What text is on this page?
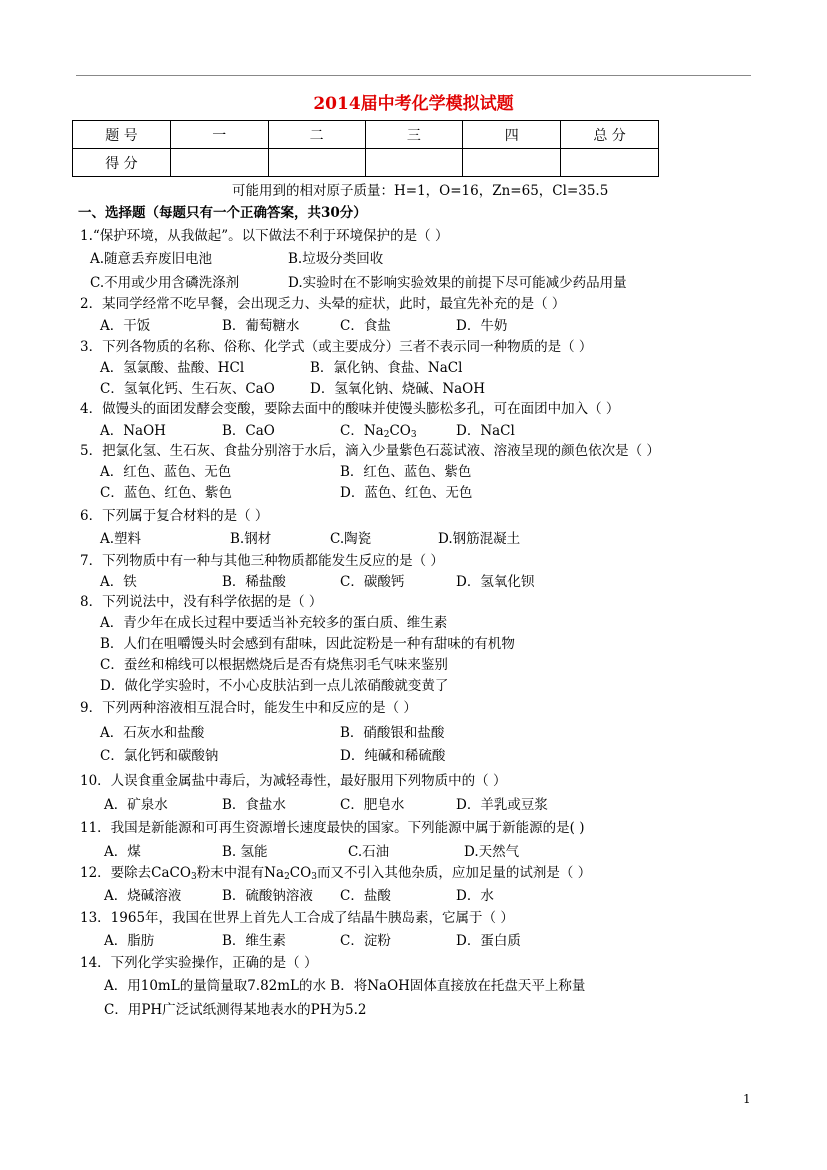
2014届中考化学模拟试题
题 号	一	二	三	四	总 分
得 分					
可能用到的相对原子质量：H=1，O=16，Zn=65，Cl=35.5
一、选择题（每题只有一个正确答案，共30分）
1.“保护环境，从我做起”。以下做法不利于环境保护的是（ ）
A.随意丢弃废旧电池	B.垃圾分类回收
C.不用或少用含磷洗涤剂	D.实验时在不影响实验效果的前提下尽可能减少药品用量
2．某同学经常不吃早餐，会出现乏力、头晕的症状，此时，最宜先补充的是（ ）
A．干饭	B．葡萄糖水	C．食盐	D．牛奶
3．下列各物质的名称、俗称、化学式（或主要成分）三者不表示同一种物质的是（ ）
A．氢氯酸、盐酸、HCl	B．氯化钠、食盐、NaCl
C．氢氧化钙、生石灰、CaO	D．氢氧化钠、烧碱、NaOH
4．做馒头的面团发酵会变酸，要除去面中的酸味并使馒头膨松多孔，可在面团中加入（ ）
A．NaOH	B．CaO	C．Na2CO3	D．NaCl
5．把氯化氢、生石灰、食盐分别溶于水后，滴入少量紫色石蕊试液、溶液呈现的颜色依次是（ ）
A．红色、蓝色、无色	B．红色、蓝色、紫色
C．蓝色、红色、紫色	D．蓝色、红色、无色
6．下列属于复合材料的是（ ）
A.塑料	B.钢材	C.陶瓷	D.钢筋混凝土
7．下列物质中有一种与其他三种物质都能发生反应的是（ ）
A．铁	B．稀盐酸	C．碳酸钙	D．氢氧化钡
8．下列说法中，没有科学依据的是（ ）
A．青少年在成长过程中要适当补充较多的蛋白质、维生素
B．人们在咀嚼馒头时会感到有甜味，因此淀粉是一种有甜味的有机物
C．蚕丝和棉线可以根据燃烧后是否有烧焦羽毛气味来鉴别
D．做化学实验时，不小心皮肤沾到一点儿浓硝酸就变黄了
9．下列两种溶液相互混合时，能发生中和反应的是（ ）
A．石灰水和盐酸	B．硝酸银和盐酸
C．氯化钙和碳酸钠	D．纯碱和稀硫酸
10．人误食重金属盐中毒后，为减轻毒性，最好服用下列物质中的（ ）
A．矿泉水	B．食盐水	C．肥皂水	D．羊乳或豆浆
11．我国是新能源和可再生资源增长速度最快的国家。下列能源中属于新能源的是( )
A．煤	B. 氢能	C.石油	D.天然气
12．要除去CaCO3粉末中混有Na2CO3而又不引入其他杂质，应加足量的试剂是（ ）
A．烧碱溶液	B．硫酸钠溶液 C．盐酸	D．水
13．1965年，我国在世界上首先人工合成了结晶牛胰岛素，它属于（ ）
A．脂肪	B．维生素	C．淀粉	D．蛋白质
14．下列化学实验操作，正确的是（ ）
A．用10mL的量筒量取7.82mL的水 B．将NaOH固体直接放在托盘天平上称量
C．用PH广泛试纸测得某地表水的PH为5.2
1
